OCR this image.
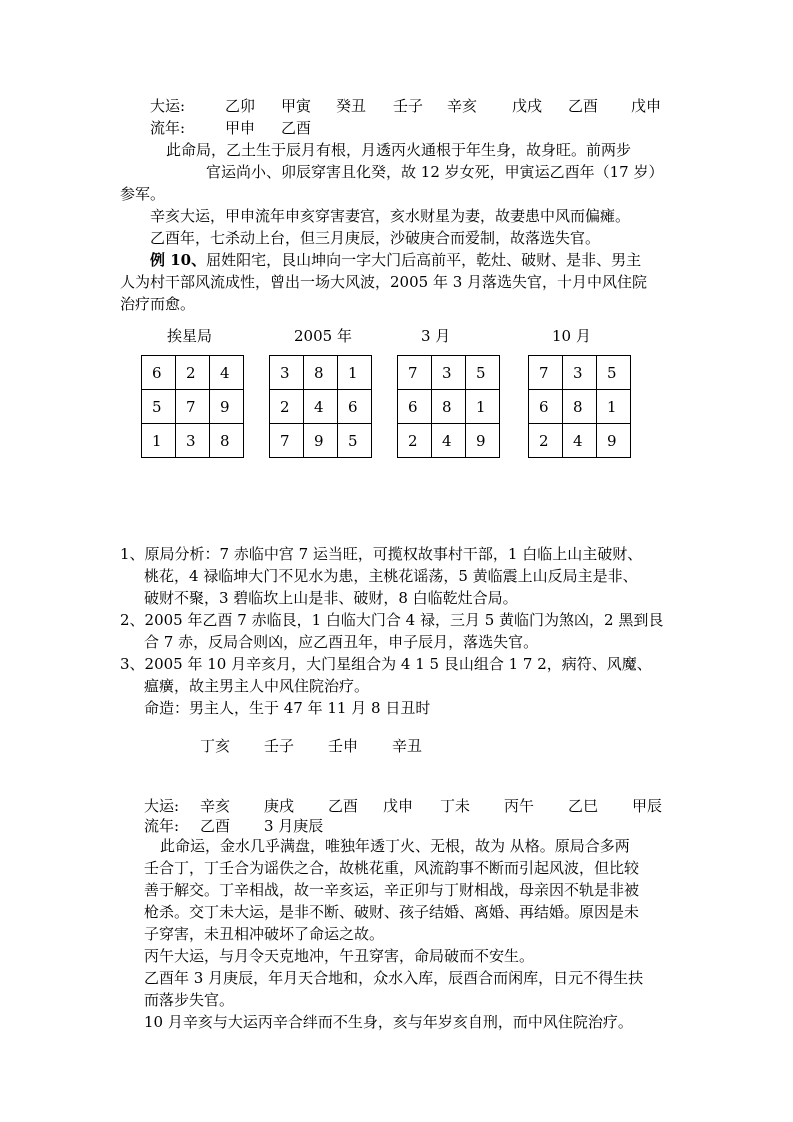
大运:	乙卯 甲寅 癸丑 壬子 辛亥 戊戌 乙酉 戊申
流年:	甲申 乙酉
此命局，乙土生于辰月有根，月透丙火通根于年生身，故身旺。前两步
官运尚小、卯辰穿害且化癸，故 12 岁女死，甲寅运乙酉年（17 岁）
参军。
辛亥大运，甲申流年申亥穿害妻宫，亥水财星为妻，故妻患中风而偏瘫。
乙酉年，七杀动上台，但三月庚辰，沙破庚合而爱制，故落选失官。
例 10、屈姓阳宅，艮山坤向一字大门后高前平，乾灶、破财、是非、男主
人为村干部风流成性，曾出一场大风波，2005 年 3 月落选失官，十月中风住院
治疗而愈。
挨星局	2005 年	3 月	10 月
6	2	4

5	7	9

1	3	8
3	8	1

2	4	6

7	9	5
7	3	5

6	8	1

2	4	9
7	3	5

6	8	1

2	4	9
1、原局分析：7 赤临中宫 7 运当旺，可揽权故事村干部，1 白临上山主破财、
桃花，4 禄临坤大门不见水为患，主桃花谣荡，5 黄临震上山反局主是非、
破财不聚，3 碧临坎上山是非、破财，8 白临乾灶合局。
2、2005 年乙酉 7 赤临艮，1 白临大门合 4 禄，三月 5 黄临门为煞凶，2 黑到艮
合 7 赤，反局合则凶，应乙酉丑年，申子辰月，落选失官。
3、2005 年 10 月辛亥月，大门星组合为 4 1 5 艮山组合 1 7 2，病符、风魔、
瘟癀，故主男主人中风住院治疗。
命造：男主人，生于 47 年 11 月 8 日丑时
丁亥 壬子 壬申 辛丑
大运: 辛亥 庚戌 乙酉 戊申 丁未 丙午 乙巳 甲辰
流年: 乙酉 3 月庚辰
此命运，金水几乎满盘，唯独年透丁火、无根，故为 从格。原局合多两
壬合丁，丁壬合为谣佚之合，故桃花重，风流韵事不断而引起风波，但比较
善于解交。丁辛相战，故一辛亥运，辛正卯与丁财相战，母亲因不轨是非被
枪杀。交丁未大运，是非不断、破财、孩子结婚、离婚、再结婚。原因是未
子穿害，未丑相冲破坏了命运之故。
丙午大运，与月令天克地冲，午丑穿害，命局破而不安生。
乙酉年 3 月庚辰，年月天合地和，众水入库，辰酉合而闲库，日元不得生扶
而落步失官。
10 月辛亥与大运丙辛合绊而不生身，亥与年岁亥自刑，而中风住院治疗。
